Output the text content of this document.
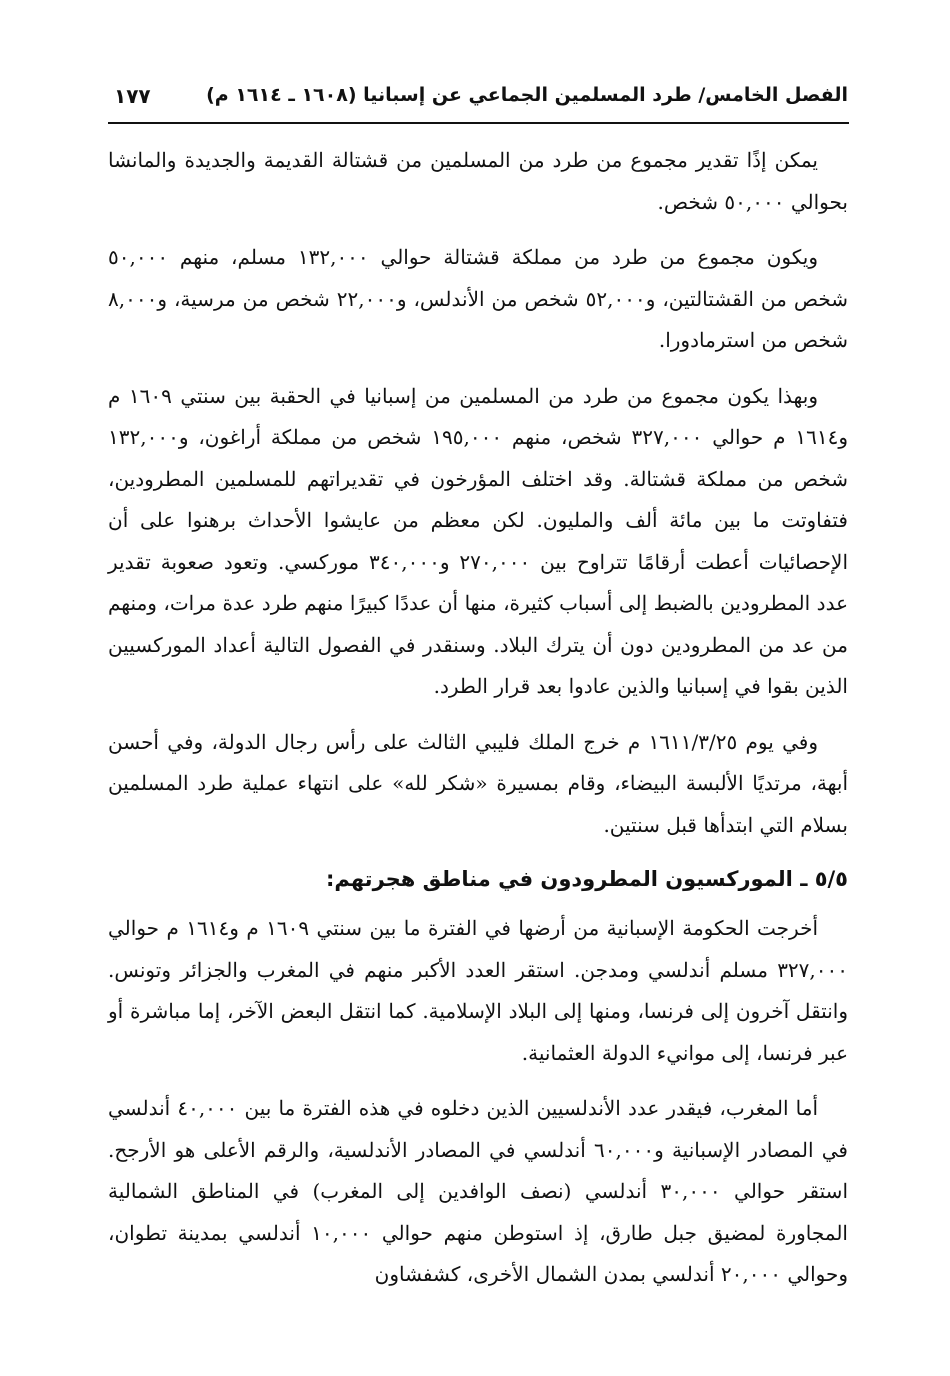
الفصل الخامس/ طرد المسلمين الجماعي عن إسبانيا (١٦٠٨ ـ ١٦١٤ م)
١٧٧

يمكن إذًا تقدير مجموع من طرد من المسلمين من قشتالة القديمة والجديدة والمانشا بحوالي ٥٠,٠٠٠ شخص.

ويكون مجموع من طرد من مملكة قشتالة حوالي ١٣٢,٠٠٠ مسلم، منهم ٥٠,٠٠٠ شخص من القشتالتين، و٥٢,٠٠٠ شخص من الأندلس، و٢٢,٠٠٠ شخص من مرسية، و٨,٠٠٠ شخص من استرمادورا.

وبهذا يكون مجموع من طرد من المسلمين من إسبانيا في الحقبة بين سنتي ١٦٠٩ م و١٦١٤ م حوالي ٣٢٧,٠٠٠ شخص، منهم ١٩٥,٠٠٠ شخص من مملكة أراغون، و١٣٢,٠٠٠ شخص من مملكة قشتالة. وقد اختلف المؤرخون في تقديراتهم للمسلمين المطرودين، فتفاوتت ما بين مائة ألف والمليون. لكن معظم من عايشوا الأحداث برهنوا على أن الإحصائيات أعطت أرقامًا تتراوح بين ٢٧٠,٠٠٠ و٣٤٠,٠٠٠ موركسي. وتعود صعوبة تقدير عدد المطرودين بالضبط إلى أسباب كثيرة، منها أن عددًا كبيرًا منهم طرد عدة مرات، ومنهم من عد من المطرودين دون أن يترك البلاد. وسنقدر في الفصول التالية أعداد الموركسيين الذين بقوا في إسبانيا والذين عادوا بعد قرار الطرد.

وفي يوم ١٦١١/٣/٢٥ م خرج الملك فليبي الثالث على رأس رجال الدولة، وفي أحسن أبهة، مرتديًا الألبسة البيضاء، وقام بمسيرة «شكر لله» على انتهاء عملية طرد المسلمين بسلام التي ابتدأها قبل سنتين.

٥/٥ ـ الموركسيون المطرودون في مناطق هجرتهم:

أخرجت الحكومة الإسبانية من أرضها في الفترة ما بين سنتي ١٦٠٩ م و١٦١٤ م حوالي ٣٢٧,٠٠٠ مسلم أندلسي ومدجن. استقر العدد الأكبر منهم في المغرب والجزائر وتونس. وانتقل آخرون إلى فرنسا، ومنها إلى البلاد الإسلامية. كما انتقل البعض الآخر، إما مباشرة أو عبر فرنسا، إلى موانيء الدولة العثمانية.

أما المغرب، فيقدر عدد الأندلسيين الذين دخلوه في هذه الفترة ما بين ٤٠,٠٠٠ أندلسي في المصادر الإسبانية و٦٠,٠٠٠ أندلسي في المصادر الأندلسية، والرقم الأعلى هو الأرجح. استقر حوالي ٣٠,٠٠٠ أندلسي (نصف الوافدين إلى المغرب) في المناطق الشمالية المجاورة لمضيق جبل طارق، إذ استوطن منهم حوالي ١٠,٠٠٠ أندلسي بمدينة تطوان، وحوالي ٢٠,٠٠٠ أندلسي بمدن الشمال الأخرى، كشفشاون
